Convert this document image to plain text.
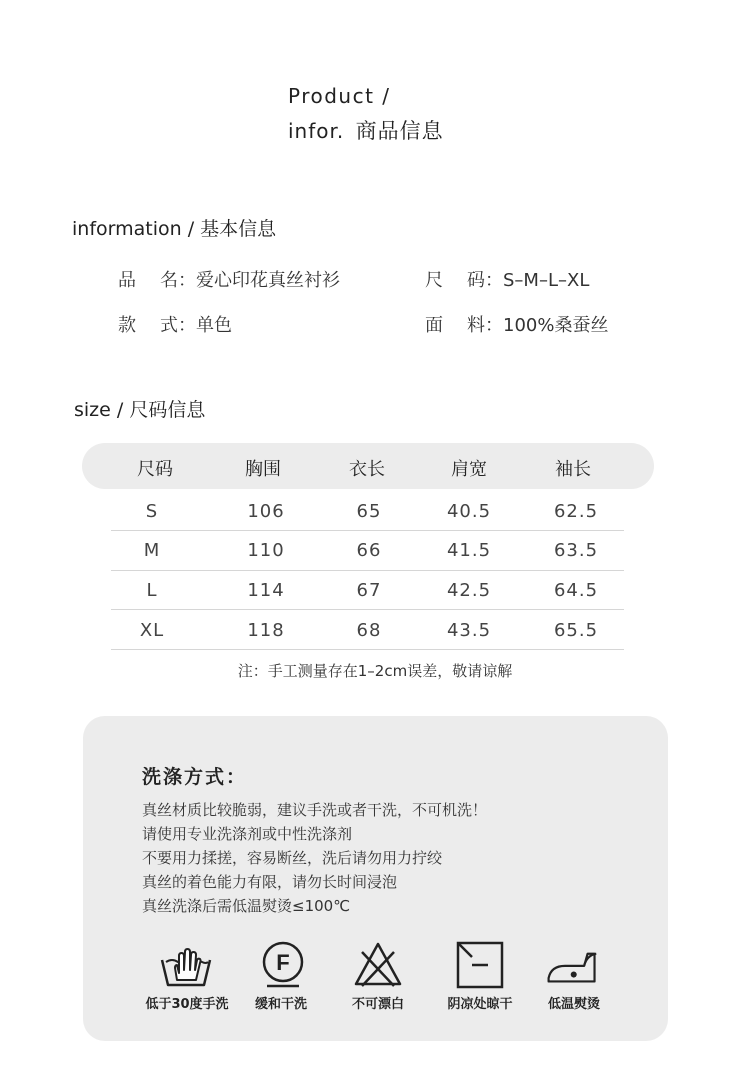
Product /
infor. 商品信息
information / 基本信息
品 名：爱心印花真丝衬衫	尺 码：S–M–L–XL
款 式：单色	面 料：100%桑蚕丝
size / 尺码信息
尺码	胸围	衣长	肩宽	袖长
S	106	65	40.5	62.5
M	110	66	41.5	63.5
L	114	67	42.5	64.5
XL	118	68	43.5	65.5
注：手工测量存在1–2cm误差，敬请谅解
洗涤方式：
真丝材质比较脆弱，建议手洗或者干洗，不可机洗！
请使用专业洗涤剂或中性洗涤剂
不要用力揉搓，容易断丝，洗后请勿用力拧绞
真丝的着色能力有限，请勿长时间浸泡
真丝洗涤后需低温熨烫≤100℃
F
低于30度手洗 缓和干洗	不可漂白	阴凉处晾干	低温熨烫
